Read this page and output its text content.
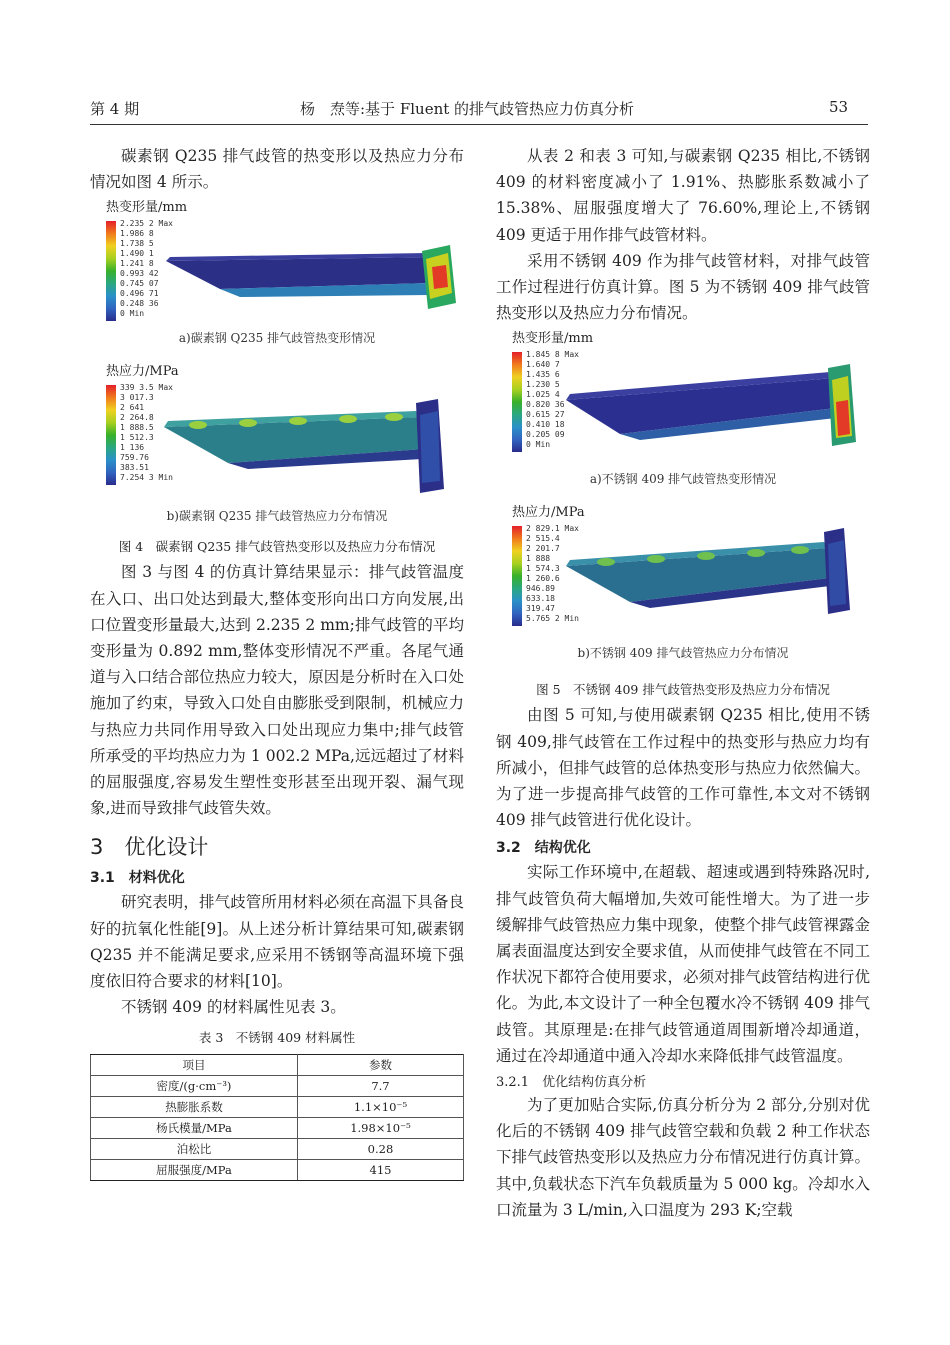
第 4 期	杨　焘等:基于 Fluent 的排气歧管热应力仿真分析	53

碳素钢 Q235 排气歧管的热变形以及热应力分布情况如图 4 所示。

热变形量/mm
2.235 2 Max
1.986 8
1.738 5
1.490 1
1.241 8
0.993 42
0.745 07
0.496 71
0.248 36
0 Min
a)碳素钢 Q235 排气歧管热变形情况
热应力/MPa
339 3.5 Max
3 017.3
2 641
2 264.8
1 888.5
1 512.3
1 136
759.76
383.51
7.254 3 Min
b)碳素钢 Q235 排气歧管热应力分布情况
图 4　碳素钢 Q235 排气歧管热变形以及热应力分布情况

图 3 与图 4 的仿真计算结果显示：排气歧管温度在入口、出口处达到最大,整体变形向出口方向发展,出口位置变形量最大,达到 2.235 2 mm;排气歧管的平均变形量为 0.892 mm,整体变形情况不严重。各尾气通道与入口结合部位热应力较大，原因是分析时在入口处施加了约束，导致入口处自由膨胀受到限制，机械应力与热应力共同作用导致入口处出现应力集中;排气歧管所承受的平均热应力为 1 002.2 MPa,远远超过了材料的屈服强度,容易发生塑性变形甚至出现开裂、漏气现象,进而导致排气歧管失效。

3　优化设计
3.1　材料优化

研究表明，排气歧管所用材料必须在高温下具备良好的抗氧化性能[9]。从上述分析计算结果可知,碳素钢 Q235 并不能满足要求,应采用不锈钢等高温环境下强度依旧符合要求的材料[10]。

不锈钢 409 的材料属性见表 3。

表 3　不锈钢 409 材料属性
项目	参数
密度/(g·cm⁻³)	7.7
热膨胀系数	1.1×10⁻⁵
杨氏模量/MPa	1.98×10⁻⁵
泊松比	0.28
屈服强度/MPa	415

从表 2 和表 3 可知,与碳素钢 Q235 相比,不锈钢 409 的材料密度减小了 1.91%、热膨胀系数减小了 15.38%、屈服强度增大了 76.60%,理论上,不锈钢 409 更适于用作排气歧管材料。

采用不锈钢 409 作为排气歧管材料，对排气歧管工作过程进行仿真计算。图 5 为不锈钢 409 排气歧管热变形以及热应力分布情况。

热变形量/mm
1.845 8 Max
1.640 7
1.435 6
1.230 5
1.025 4
0.820 36
0.615 27
0.410 18
0.205 09
0 Min
a)不锈钢 409 排气歧管热变形情况
热应力/MPa
2 829.1 Max
2 515.4
2 201.7
1 888
1 574.3
1 260.6
946.89
633.18
319.47
5.765 2 Min
b)不锈钢 409 排气歧管热应力分布情况
图 5　不锈钢 409 排气歧管热变形及热应力分布情况

由图 5 可知,与使用碳素钢 Q235 相比,使用不锈钢 409,排气歧管在工作过程中的热变形与热应力均有所减小，但排气歧管的总体热变形与热应力依然偏大。为了进一步提高排气歧管的工作可靠性,本文对不锈钢 409 排气歧管进行优化设计。

3.2　结构优化

实际工作环境中,在超载、超速或遇到特殊路况时,排气歧管负荷大幅增加,失效可能性增大。为了进一步缓解排气歧管热应力集中现象，使整个排气歧管裸露金属表面温度达到安全要求值，从而使排气歧管在不同工作状况下都符合使用要求，必须对排气歧管结构进行优化。为此,本文设计了一种全包覆水冷不锈钢 409 排气歧管。其原理是:在排气歧管通道周围新增冷却通道，通过在冷却通道中通入冷却水来降低排气歧管温度。

3.2.1　优化结构仿真分析

为了更加贴合实际,仿真分析分为 2 部分,分别对优化后的不锈钢 409 排气歧管空载和负载 2 种工作状态下排气歧管热变形以及热应力分布情况进行仿真计算。其中,负载状态下汽车负载质量为 5 000 kg。冷却水入口流量为 3 L/min,入口温度为 293 K;空载
